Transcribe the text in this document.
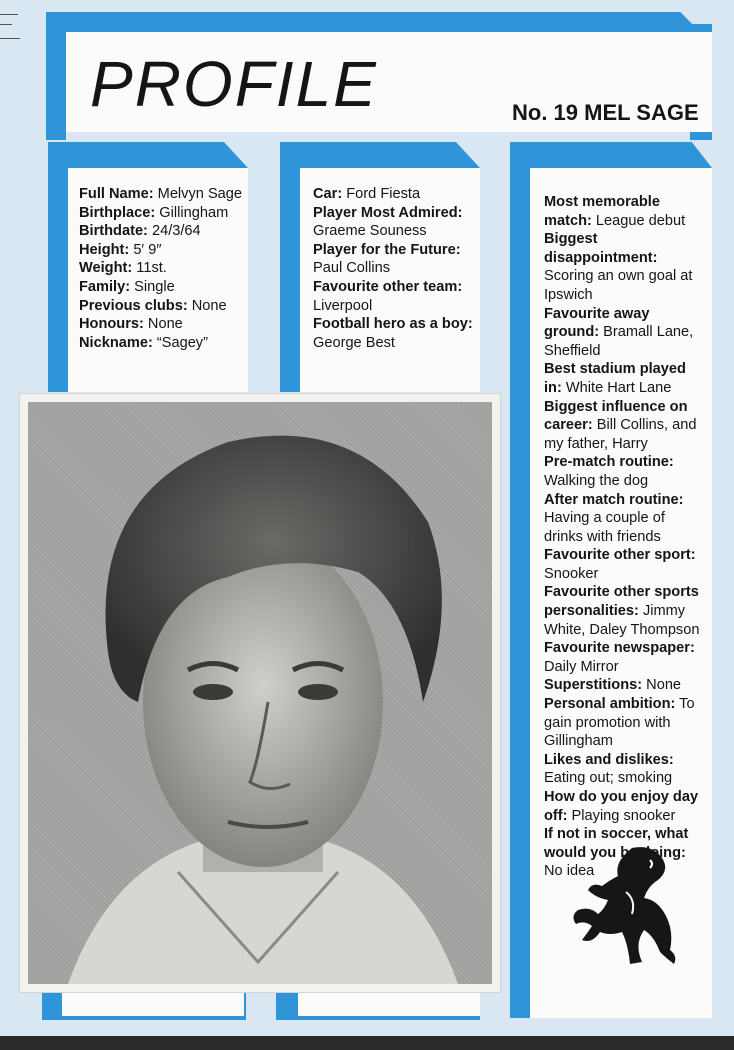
PROFILE	No. 19 MEL SAGE

Full Name: Melvyn Sage

Birthplace: Gillingham

Birthdate: 24/3/64

Height: 5′ 9″

Weight: 11st.

Family: Single

Previous clubs: None

Honours: None

Nickname: “Sagey”

Car: Ford Fiesta

Player Most Admired: Graeme Souness

Player for the Future: Paul Collins

Favourite other team: Liverpool

Football hero as a boy: George Best

Most memorable match: League debut

Biggest disappointment: Scoring an own goal at Ipswich

Favourite away ground: Bramall Lane, Sheffield

Best stadium played in: White Hart Lane

Biggest influence on career: Bill Collins, and my father, Harry

Pre-match routine: Walking the dog

After match routine: Having a couple of drinks with friends

Favourite other sport: Snooker

Favourite other sports personalities: Jimmy White, Daley Thompson

Favourite newspaper: Daily Mirror

Superstitions: None

Personal ambition: To gain promotion with Gillingham

Likes and dislikes: Eating out; smoking

How do you enjoy day off: Playing snooker

If not in soccer, what would you be doing: No idea
